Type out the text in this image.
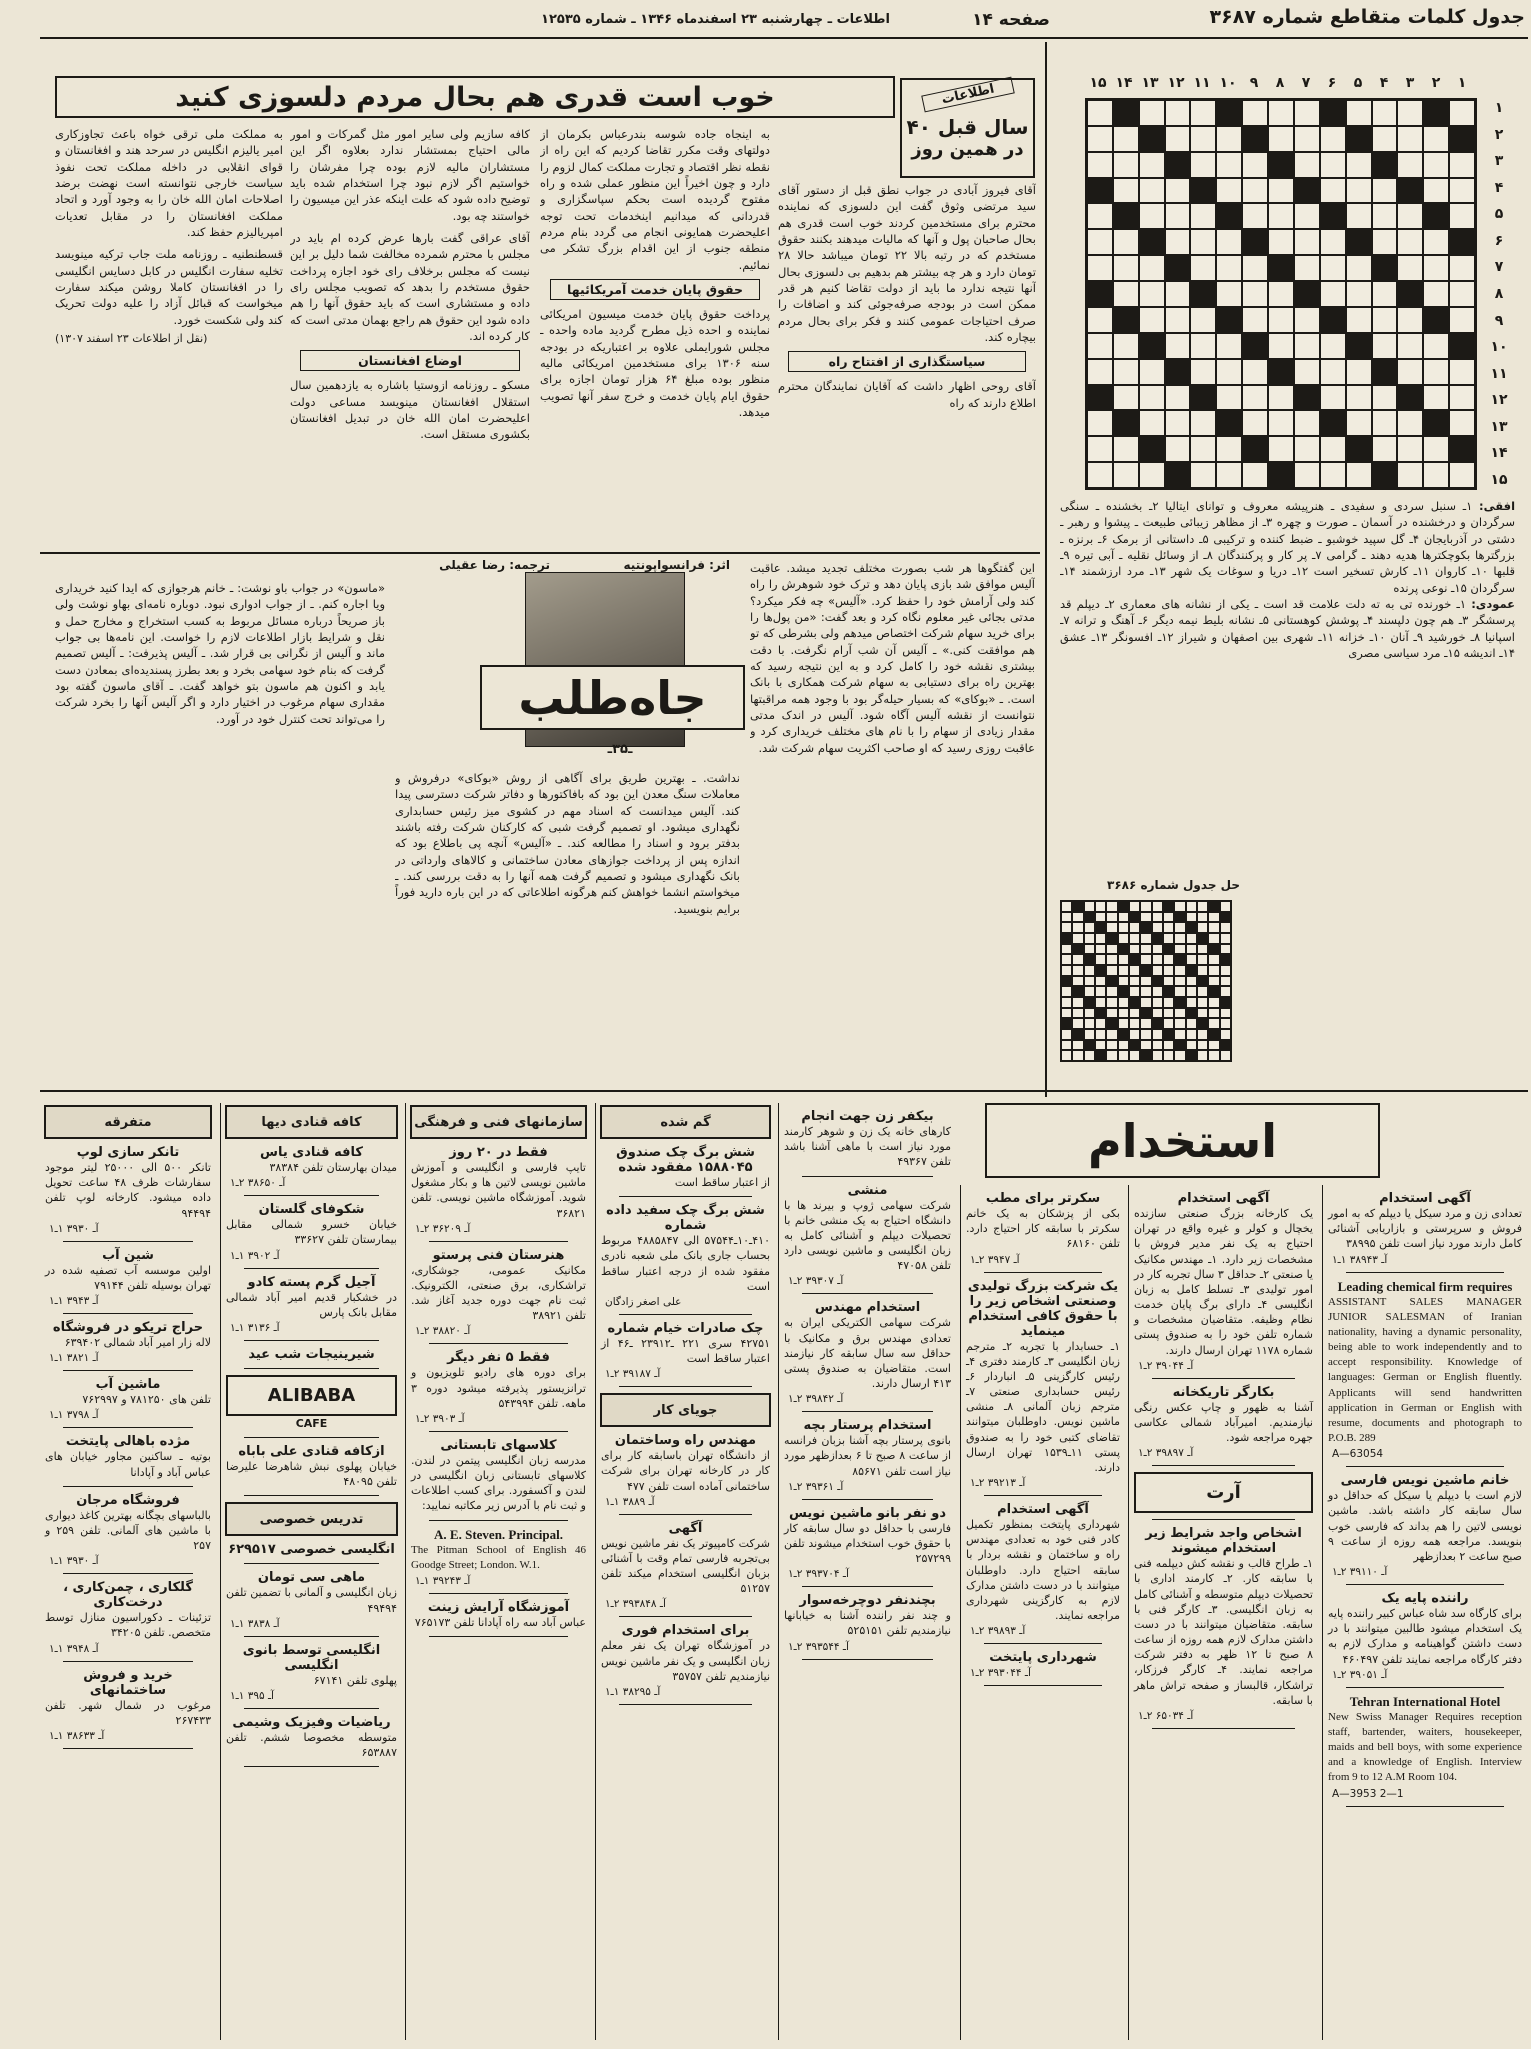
جدول کلمات متقاطع شماره ۳۶۸۷
صفحه ۱۴
اطلاعات ـ چهارشنبه ۲۳ اسفندماه ۱۳۴۶ ـ شماره ۱۲۵۳۵
۱
۲
۳
۴
۵
۶
۷
۸
۹
۱۰
۱۱
۱۲
۱۳
۱۴
۱۵
۱
۲
۳
۴
۵
۶
۷
۸
۹
۱۰
۱۱
۱۲
۱۳
۱۴
۱۵
افقی: ۱ـ سنبل سردی و سفیدی ـ هنرپیشه معروف و توانای ایتالیا ۲ـ بخشنده ـ سنگی سرگردان و درخشنده در آسمان ـ صورت و چهره ۳ـ از مظاهر زیبائی طبیعت ـ پیشوا و رهبر ـ دشتی در آذربایجان ۴ـ گل سپید خوشبو ـ ضبط کننده و ترکیبی ۵ـ داستانی از برمک ۶ـ برنزه ـ بزرگترها بکوچکترها هدیه دهند ـ گرامی ۷ـ پر کار و پرکنندگان ۸ـ از وسائل نقلیه ـ آبی تیره ۹ـ قلبها ۱۰ـ کاروان ۱۱ـ کارش تسخیر است ۱۲ـ دریا و سوغات یک شهر ۱۳ـ مرد ارزشمند ۱۴ـ سرگردان ۱۵ـ نوعی پرنده
عمودی: ۱ـ خورنده تی به ته دلت علامت قد است ـ یکی از نشانه های معماری ۲ـ دیپلم قد پرسشگر ۳ـ هم چون دلپسند ۴ـ پوشش کوهستانی ۵ـ نشانه بلیط نیمه دیگر ۶ـ آهنگ و ترانه ۷ـ اسپانیا ۸ـ خورشید ۹ـ آنان ۱۰ـ خزانه ۱۱ـ شهری بین اصفهان و شیراز ۱۲ـ افسونگر ۱۳ـ عشق ۱۴ـ اندیشه ۱۵ـ مرد سیاسی مصری
حل جدول شماره ۳۶۸۶
خوب است قدری هم بحال مردم دلسوزی کنید	اطلاعات
۴۰ سال قبل
در همین روز
آقای فیروز آبادی در جواب نطق قبل از دستور آقای سید مرتضی وثوق گفت این دلسوزی که نماینده محترم برای مستخدمین کردند خوب است قدری هم بحال صاحبان پول و آنها که مالیات میدهند بکنند حقوق مستخدم که در رتبه بالا ۲۲ تومان میباشد حالا ۲۸ تومان دارد و هر چه بیشتر هم بدهیم بی دلسوزی بحال آنها نتیجه ندارد ما باید از دولت تقاضا کنیم هر قدر ممکن است در بودجه صرفه‌جوئی کند و اضافات را صرف احتیاجات عمومی کنند و فکر برای بحال مردم بیچاره کند.
سیاستگذاری از افتتاح راه
آقای روحی اظهار داشت که آقایان نمایندگان محترم اطلاع دارند که راه
به اینجاه جاده شوسه بندرعباس بکرمان از دولتهای وقت مکرر تقاضا کردیم که این راه از نقطه نظر اقتصاد و تجارت مملکت کمال لزوم را دارد و چون اخیراً این منظور عملی شده و راه مفتوح گردیده است بحکم سپاسگزاری و قدردانی که میدانیم اینخدمات تحت توجه اعلیحضرت همایونی انجام می گردد بنام مردم منطقه جنوب از این اقدام بزرگ تشکر می نمائیم.
حقوق پایان خدمت آمریکائیها
پرداخت حقوق پایان خدمت میسیون امریکائی نماینده و احده ذیل مطرح گردید ماده واحده ـ مجلس شورایملی علاوه بر اعتباریکه در بودجه سنه ۱۳۰۶ برای مستخدمین امریکائی مالیه منظور بوده مبلغ ۶۴ هزار تومان اجازه برای حقوق ایام پایان خدمت و خرج سفر آنها تصویب میدهد.
کافه سازیم ولی سایر امور مثل گمرکات و امور مالی احتیاج بمستشار ندارد بعلاوه اگر این مستشاران مالیه لازم بوده چرا مفرشان را خواستیم اگر لازم نبود چرا استخدام شده باید توضیح داده شود که علت اینکه عذر این میسیون را خواستند چه بود.
آقای عراقی گفت بارها عرض کرده ام باید در مجلس با محترم شمرده مخالفت شما دلیل بر این نیست که مجلس برخلاف رای خود اجازه پرداخت حقوق مستخدم را بدهد که تصویب مجلس رای داده و مستشاری است که باید حقوق آنها را هم داده شود این حقوق هم راجع بهمان مدتی است که کار کرده اند.
اوضاع افغانستان
مسکو ـ روزنامه ازوستیا باشاره به یازدهمین سال استقلال افغانستان مینویسد مساعی دولت اعلیحضرت امان الله خان در تبدیل افغانستان بکشوری مستقل است.
به مملکت ملی ترقی خواه باعث تجاوزکاری امیر یالیزم انگلیس در سرحد هند و افغانستان و قوای انقلابی در داخله مملکت تحت نفوذ سیاست خارجی نتوانسته است نهضت برضد اصلاحات امان الله خان را به وجود آورد و اتحاد مملکت افغانستان را در مقابل تعدیات امپریالیزم حفظ کند.
قسطنطنیه ـ روزنامه ملت جاب ترکیه مینویسد تخلیه سفارت انگلیس در کابل دسایس انگلیسی را در افغانستان کاملا روشن میکند سفارت میخواست که قبائل آزاد را علیه دولت تحریک کند ولی شکست خورد.
(نقل از اطلاعات ۲۳ اسفند ۱۳۰۷)
جاه‌طلب
ـ۳۵ـ
اثر: فرانسواپونتیه
ترجمه: رضا عقیلی
«ماسون» در جواب باو نوشت: ـ خانم هرجوازی که ایدا کنید خریداری ویا اجاره کنم. ـ از جواب ادواری نبود. دوباره نامه‌ای بهاو نوشت ولی باز صریحاً درباره مسائل مربوط به کسب استخراج و مخارج حمل و نقل و شرایط بازار اطلاعات لازم را خواست. این نامه‌ها بی جواب ماند و آلیس از نگرانی بی قرار شد. ـ آلیس پذیرفت: ـ آلیس تصمیم گرفت که بنام خود سهامی بخرد و بعد بطرز پسندیده‌ای بمعادن دست یابد و اکنون هم ماسون بتو خواهد گفت. ـ آقای ماسون گفته بود مقداری سهام مرغوب در اختیار دارد و اگر آلیس آنها را بخرد شرکت را می‌تواند تحت کنترل خود در آورد.
نداشت. ـ بهترین طریق برای آگاهی از روش «بوکای» درفروش و معاملات سنگ معدن این بود که بافاکتورها و دفاتر شرکت دسترسی پیدا کند. آلیس میدانست که اسناد مهم در کشوی میز رئیس حسابداری نگهداری میشود. او تصمیم گرفت شبی که کارکنان شرکت رفته باشند بدفتر برود و اسناد را مطالعه کند. ـ «آلیس» آنچه پی باطلاع بود که اندازه پس از پرداخت جوازهای معادن ساختمانی و کالاهای وارداتی در بانک نگهداری میشود و تصمیم گرفت همه آنها را به دقت بررسی کند. ـ میخواستم انشما خواهش کنم هرگونه اطلاعاتی که در این باره دارید فوراً برایم بنویسید.
این گفتگوها هر شب بصورت مختلف تجدید میشد. عاقبت آلیس موافق شد بازی پایان دهد و ترک خود شوهرش را راه کند ولی آرامش خود را حفظ کرد. «آلیس» چه فکر میکرد؟ مدتی بجائی غیر معلوم نگاه کرد و بعد گفت: «من پول‌ها را برای خرید سهام شرکت اختصاص میدهم ولی بشرطی که تو هم موافقت کنی.» ـ آلیس آن شب آرام نگرفت. با دقت بیشتری نقشه خود را کامل کرد و به این نتیجه رسید که بهترین راه برای دستیابی به سهام شرکت همکاری با بانک است. ـ «بوکای» که بسیار حیله‌گر بود با وجود همه مراقبتها نتوانست از نقشه آلیس آگاه شود. آلیس در اندک مدتی مقدار زیادی از سهام را با نام های مختلف خریداری کرد و عاقبت روزی رسید که او صاحب اکثریت سهام شرکت شد.
استخدام
آگهی استخدام
تعدادی زن و مرد سیکل یا دیپلم که به امور فروش و سرپرستی و بازاریابی آشنائی کامل دارند مورد نیاز است تلفن ۳۸۹۹۵
آـ ۳۸۹۴۳ ۱ـ۱
Leading chemical firm requires
ASSISTANT SALES MANAGER JUNIOR SALESMAN of Iranian nationality, having a dynamic personality, being able to work independently and to accept responsibility. Knowledge of languages: German or English fluently. Applicants will send handwritten application in German or English with resume, documents and photograph to P.O.B. 289
A—63054
خانم ماشین نویس فارسی
لازم است با دیپلم یا سیکل که حداقل دو سال سابقه کار داشته باشد. ماشین نویسی لاتین را هم بداند که فارسی خوب بنویسد. مراجعه همه روزه از ساعت ۹ صبح ساعت ۲ بعدازظهر
آـ ۳۹۱۱۰ ۲ـ۱
راننده پایه یک
برای کارگاه سد شاه عباس کبیر راننده پایه یک استخدام میشود طالبین میتوانند با در دست داشتن گواهینامه و مدارک لازم به دفتر کارگاه مراجعه نمایند تلفن ۴۶۰۴۹۷
آـ ۳۹۰۵۱ ۲ـ۱
Tehran International Hotel
New Swiss Manager Requires reception staff, bartender, waiters, housekeeper, maids and bell boys, with some experience and a knowledge of English. Interview from 9 to 12 A.M Room 104.
A—3953 2—1
آگهی استخدام
یک کارخانه بزرگ صنعتی سازنده یخچال و کولر و غیره واقع در تهران احتیاج به یک نفر مدیر فروش با مشخصات زیر دارد. ۱ـ مهندس مکانیک یا صنعتی ۲ـ حداقل ۳ سال تجربه کار در امور تولیدی ۳ـ تسلط کامل به زبان انگلیسی ۴ـ دارای برگ پایان خدمت نظام وظیفه. متقاضیان مشخصات و شماره تلفن خود را به صندوق پستی شماره ۱۱۷۸ تهران ارسال دارند.
آـ ۳۹۰۴۴ ۲ـ۱
بکارگر تاریکخانه
آشنا به ظهور و چاپ عکس رنگی نیازمندیم. امیرآباد شمالی عکاسی جهره مراجعه شود.
آـ ۳۹۸۹۷ ۲ـ۱
آرت
اشخاص واجد شرایط زیر استخدام میشوند
۱ـ طراح قالب و نقشه کش دیپلمه فنی با سابقه کار. ۲ـ کارمند اداری با تحصیلات دیپلم متوسطه و آشنائی کامل به زبان انگلیسی. ۳ـ کارگر فنی با سابقه. متقاضیان میتوانند با در دست داشتن مدارک لازم همه روزه از ساعت ۸ صبح تا ۱۲ ظهر به دفتر شرکت مراجعه نمایند. ۴ـ کارگر فرزکار، تراشکار، قالبساز و صفحه تراش ماهر با سابقه.
آـ ۶۵۰۳۴ ۲ـ۱
سکرتر برای مطب
بکی از پزشکان به یک خانم سکرتر با سابقه کار احتیاج دارد. تلفن ۶۸۱۶۰
آـ ۳۹۴۷ ۲ـ۱
یک شرکت بزرگ تولیدی وصنعتی اشخاص زیر را با حقوق کافی استخدام مینماید
۱ـ حسابدار با تجربه ۲ـ مترجم زبان انگلیسی ۳ـ کارمند دفتری ۴ـ رئیس کارگزینی ۵ـ انباردار ۶ـ رئیس حسابداری صنعتی ۷ـ مترجم زبان آلمانی ۸ـ منشی ماشین نویس. داوطلبان میتوانند تقاضای کتبی خود را به صندوق پستی ۱۱ـ۱۵۳۹ تهران ارسال دارند.
آـ ۳۹۲۱۳ ۲ـ۱
آگهی استخدام
شهرداری پایتخت بمنظور تکمیل کادر فنی خود به تعدادی مهندس راه و ساختمان و نقشه بردار با سابقه احتیاج دارد. داوطلبان میتوانند با در دست داشتن مدارک لازم به کارگزینی شهرداری مراجعه نمایند.
آـ ۳۹۸۹۳ ۲ـ۱
شهرداری پایتخت
آـ ۳۹۳۰۴۴ ۲ـ۱
بیکفر زن جهت انجام
کارهای خانه یک زن و شوهر کارمند مورد نیاز است با ماهی آشنا باشد تلفن ۴۹۳۶۷
منشی
شرکت سهامی ژوپ و بیرند ها با دانشگاه احتیاج به یک منشی خانم با تحصیلات دیپلم و آشنائی کامل به زبان انگلیسی و ماشین نویسی دارد تلفن ۴۷۰۵۸
آـ ۳۹۳۰۷ ۲ـ۱
استخدام مهندس
شرکت سهامی الکتریکی ایران به تعدادی مهندس برق و مکانیک با حداقل سه سال سابقه کار نیازمند است. متقاضیان به صندوق پستی ۴۱۳ ارسال دارند.
آـ ۳۹۸۴۲ ۲ـ۱
استخدام پرستار بچه
بانوی پرستار بچه آشنا بزبان فرانسه از ساعت ۸ صبح تا ۶ بعدازظهر مورد نیاز است تلفن ۸۵۶۷۱
آـ ۳۹۳۶۱ ۲ـ۱
دو نفر بانو ماشین نویس
فارسی با حداقل دو سال سابقه کار با حقوق خوب استخدام میشوند تلفن ۲۵۷۲۹۹
آـ ۳۹۳۷۰۴ ۲ـ۱
بچندنفر دوچرخه‌سوار
و چند نفر راننده آشنا به خیابانها نیازمندیم تلفن ۵۲۵۱۵۱
آـ ۳۹۳۵۴۴ ۲ـ۱
گم شده
شش برگ چک صندوق ۱۵۸۸۰۴۵ مفقود شده
از اعتبار ساقط است
شش برگ چک سفید داده شماره
۴۱۰ـ۱۰ـ۵۷۵۴۴ الی ۴۸۸۵۸۴۷ مربوط بحساب جاری بانک ملی شعبه نادری مفقود شده از درجه اعتبار ساقط است
علی اصغر زادگان
چک صادرات خیام شماره
۴۲۷۵۱ سری ۲۲۱ ـ۲۳۹۱۲ ـ۴۶ از اعتبار ساقط است
آـ ۳۹۱۸۷ ۲ـ۱
جویای کار
مهندس راه وساختمان
از دانشگاه تهران باسابقه کار برای کار در کارخانه تهران برای شرکت ساختمانی آماده است تلفن ۴۷۷
آـ ۳۸۸۹ ۱ـ۱
آگهی
شرکت کامپیوتر یک نفر ماشین نویس بی‌تجربه فارسی تمام وقت با آشنائی بزبان انگلیسی استخدام میکند تلفن ۵۱۲۵۷
آـ ۳۹۳۸۴۸ ۲ـ۱
برای استخدام فوری
در آموزشگاه تهران یک نفر معلم زبان انگلیسی و یک نفر ماشین نویس نیازمندیم تلفن ۳۵۷۵۷
آـ ۳۸۲۹۵ ۱ـ۱
سازمانهای فنی و فرهنگی
فقط در ۲۰ روز
تایپ فارسی و انگلیسی و آموزش ماشین نویسی لاتین ها و بکار مشغول شوید. آموزشگاه ماشین نویسی. تلفن ۳۶۸۲۱
آـ ۳۶۲۰۹ ۲ـ۱
هنرستان فنی پرستو
مکانیک عمومی، جوشکاری، تراشکاری، برق صنعتی، الکترونیک. ثبت نام جهت دوره جدید آغاز شد. تلفن ۳۸۹۲۱
آـ ۳۸۸۲۰ ۲ـ۱
فقط ۵ نفر دیگر
برای دوره های رادیو تلویزیون و ترانزیستور پذیرفته میشود دوره ۳ ماهه. تلفن ۵۴۳۹۹۴
آـ ۳۹۰۳ ۲ـ۱
کلاسهای تابستانی
مدرسه زبان انگلیسی پیتمن در لندن. کلاسهای تابستانی زبان انگلیسی در لندن و آکسفورد. برای کسب اطلاعات و ثبت نام با آدرس زیر مکاتبه نمایید:
A. E. Steven. Principal.
The Pitman School of English 46 Goodge Street; London. W.1.
آـ ۳۹۲۴۳ ۱ـ۱
آموزشگاه آرایش زینت
عباس آباد سه راه آپادانا تلفن ۷۶۵۱۷۳
کافه قنادی دیها
کافه قنادی یاس
میدان بهارستان تلفن ۳۸۳۸۴
آـ ۳۸۶۵۰ ۲ـ۱
شکوفای گلستان
خیابان خسرو شمالی مقابل بیمارستان تلفن ۳۳۶۲۷
آـ ۳۹۰۲ ۱ـ۱
آجیل گرم پسته کادو
در خشکبار قدیم امیر آباد شمالی مقابل بانک پارس
آـ ۳۱۳۶ ۱ـ۱
شیرینیجات شب عید
ALIBABA
CAFE
ازکافه قنادی علی باباه
خیابان پهلوی نبش شاهرضا علیرضا تلفن ۴۸۰۹۵
تدریس خصوصی
انگلیسی خصوصی ۶۲۹۵۱۷
ماهی سی تومان
زبان انگلیسی و آلمانی با تضمین تلفن ۴۹۴۹۴
آـ ۳۸۳۸ ۱ـ۱
انگلیسی توسط بانوی انگلیسی
پهلوی تلفن ۶۷۱۴۱
آـ ۳۹۵ ۱ـ۱
ریاضیات وفیزیک وشیمی
متوسطه مخصوصا ششم. تلفن ۶۵۳۸۸۷
متفرقه
تانکر سازی لوپ
تانکر ۵۰۰ الی ۲۵۰۰۰ لیتر موجود سفارشات ظرف ۴۸ ساعت تحویل داده میشود. کارخانه لوپ تلفن ۹۴۴۹۴
آـ ۳۹۳۰ ۱ـ۱
شین آب
اولین موسسه آب تصفیه شده در تهران بوسیله تلفن ۷۹۱۴۴
آـ ۳۹۴۳ ۱ـ۱
حراج تریکو در فروشگاه
لاله زار امیر آباد شمالی ۶۳۹۴۰۲
آـ ۳۸۲۱ ۱ـ۱
ماشین آب
تلفن های ۷۸۱۲۵۰ و ۷۶۲۹۹۷
آـ ۳۷۹۸ ۱ـ۱
مژده باهالی پایتخت
بوتیه ـ ساکنین مجاور خیابان های عباس آباد و آپادانا
فروشگاه مرجان
بالباسهای بچگانه بهترین کاغذ دیواری با ماشین های آلمانی. تلفن ۲۵۹ و ۲۵۷
آـ ۳۹۳۰ ۱ـ۱
گلکاری ، چمن‌کاری ، درخت‌کاری
تزئینات ـ دکوراسیون منازل توسط متخصص. تلفن ۳۴۲۰۵
آـ ۳۹۴۸ ۱ـ۱
خرید و فروش ساختمانهای
مرغوب در شمال شهر. تلفن ۲۶۷۴۳۳
آـ ۳۸۶۳۳ ۱ـ۱
